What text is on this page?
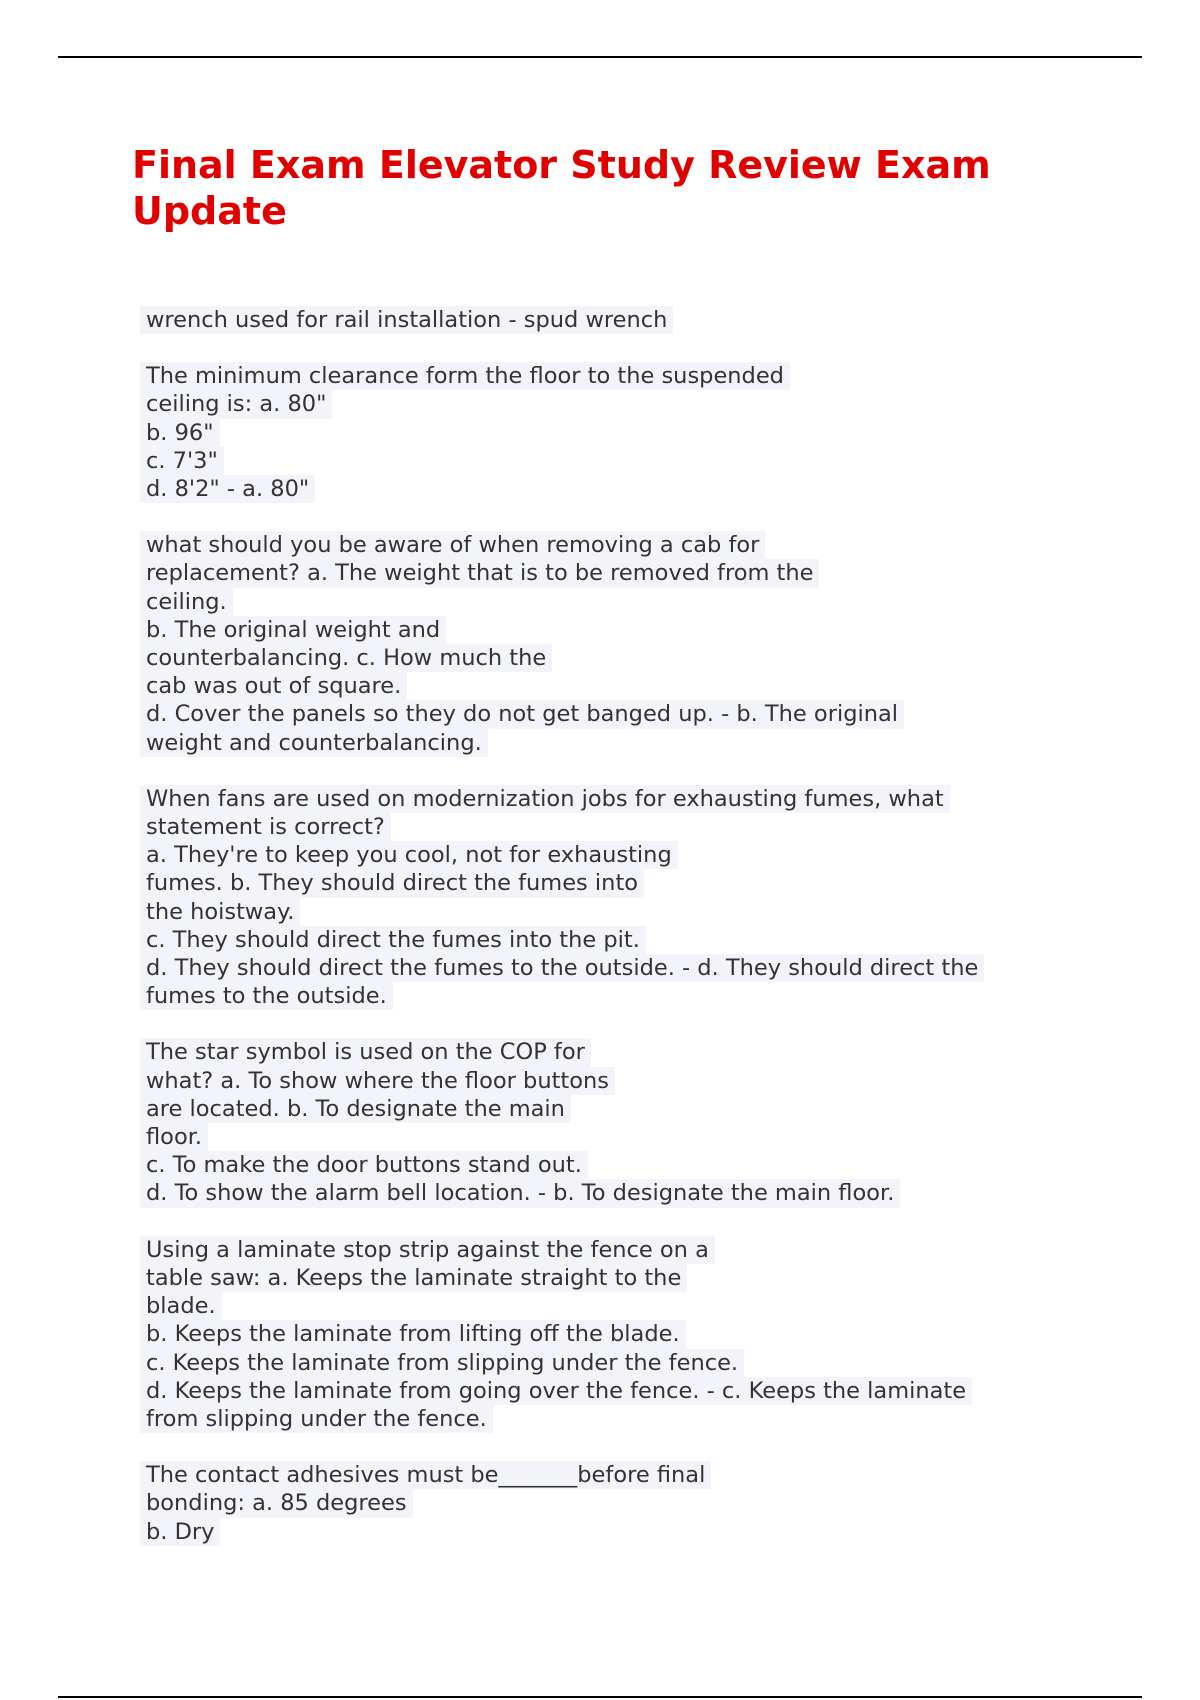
Final Exam Elevator Study Review Exam
Update
wrench used for rail installation - spud wrench
The minimum clearance form the floor to the suspended
ceiling is: a. 80"
b. 96"
c. 7'3"
d. 8'2" - a. 80"
what should you be aware of when removing a cab for
replacement? a. The weight that is to be removed from the
ceiling.
b. The original weight and
counterbalancing. c. How much the
cab was out of square.
d. Cover the panels so they do not get banged up. - b. The original
weight and counterbalancing.
When fans are used on modernization jobs for exhausting fumes, what
statement is correct?
a. They're to keep you cool, not for exhausting
fumes. b. They should direct the fumes into
the hoistway.
c. They should direct the fumes into the pit.
d. They should direct the fumes to the outside. - d. They should direct the
fumes to the outside.
The star symbol is used on the COP for
what? a. To show where the floor buttons
are located. b. To designate the main
floor.
c. To make the door buttons stand out.
d. To show the alarm bell location. - b. To designate the main floor.
Using a laminate stop strip against the fence on a
table saw: a. Keeps the laminate straight to the
blade.
b. Keeps the laminate from lifting off the blade.
c. Keeps the laminate from slipping under the fence.
d. Keeps the laminate from going over the fence. - c. Keeps the laminate
from slipping under the fence.
The contact adhesives must be_______before final
bonding: a. 85 degrees
b. Dry
